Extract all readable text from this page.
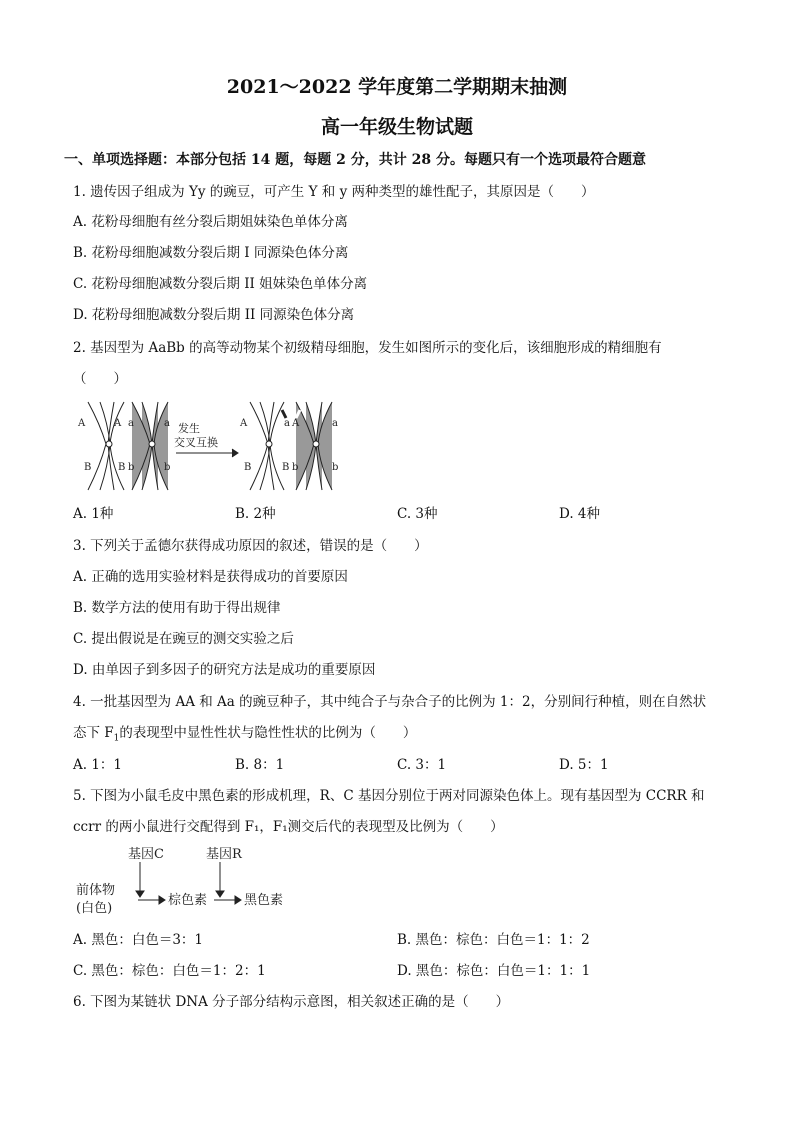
2021～2022 学年度第二学期期末抽测
高一年级生物试题
一、单项选择题：本部分包括 14 题，每题 2 分，共计 28 分。每题只有一个选项最符合题意
1. 遗传因子组成为 Yy 的豌豆，可产生 Y 和 y 两种类型的雄性配子，其原因是（　　）
A. 花粉母细胞有丝分裂后期姐妹染色单体分离
B. 花粉母细胞减数分裂后期 I 同源染色体分离
C. 花粉母细胞减数分裂后期 II 姐妹染色单体分离
D. 花粉母细胞减数分裂后期 II 同源染色体分离
2. 基因型为 AaBb 的高等动物某个初级精母细胞，发生如图所示的变化后，该细胞形成的精细胞有
（　　）
A	A a	a
B	B b	b
发生
交叉互换
A	a A	a
B	B b	b
A. 1种	B. 2种	C. 3种	D. 4种
3. 下列关于孟德尔获得成功原因的叙述，错误的是（　　）
A. 正确的选用实验材料是获得成功的首要原因
B. 数学方法的使用有助于得出规律
C. 提出假说是在豌豆的测交实验之后
D. 由单因子到多因子的研究方法是成功的重要原因
4. 一批基因型为 AA 和 Aa 的豌豆种子，其中纯合子与杂合子的比例为 1：2，分别间行种植，则在自然状
态下 $F_1$的表现型中显性性状与隐性性状的比例为（　　）
A. 1：1	B. 8：1	C. 3：1	D. 5：1
5. 下图为小鼠毛皮中黑色素的形成机理，R、C 基因分别位于两对同源染色体上。现有基因型为 CCRR 和
ccrr 的两小鼠进行交配得到 F₁，F₁测交后代的表现型及比例为（　　）
基因C	基因R
前体物
(白色)
棕色素	黑色素
A. 黑色：白色＝3：1	B. 黑色：棕色：白色＝1：1：2
C. 黑色：棕色：白色＝1：2：1	D. 黑色：棕色：白色＝1：1：1
6. 下图为某链状 DNA 分子部分结构示意图，相关叙述正确的是（　　）
